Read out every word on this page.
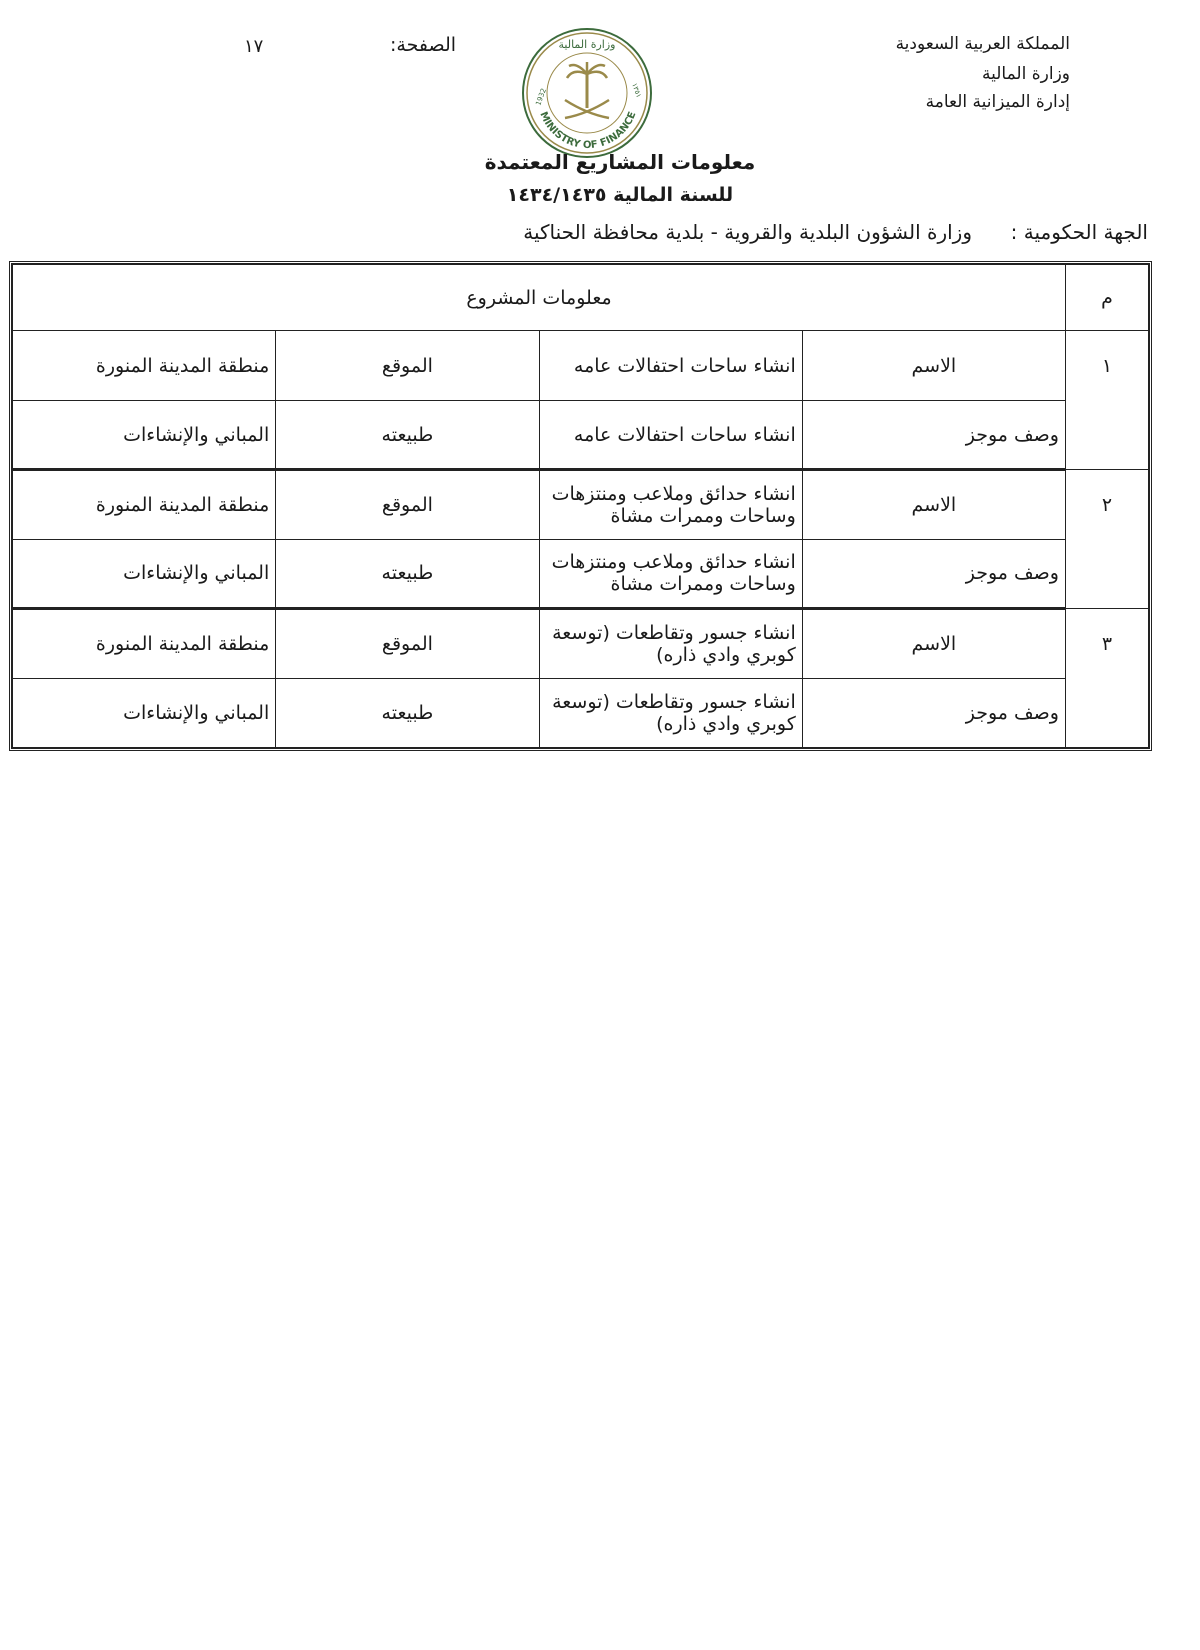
المملكة العربية السعودية
وزارة المالية
إدارة الميزانية العامة
الصفحة:
١٧
MINISTRY OF FINANCE
وزارة المالية
1932	١٣٥١
معلومات المشاريع المعتمدة
للسنة المالية ١٤٣٤/١٤٣٥
الجهة الحكومية :
وزارة الشؤون البلدية والقروية - بلدية محافظة الحناكية
م	معلومات المشروع			
١	الاسم	انشاء ساحات احتفالات عامه	الموقع	منطقة المدينة المنورة
	وصف موجز	انشاء ساحات احتفالات عامه	طبيعته	المباني والإنشاءات
٢	الاسم	انشاء حدائق وملاعب ومنتزهات وساحات وممرات مشاة	الموقع	منطقة المدينة المنورة
	وصف موجز	انشاء حدائق وملاعب ومنتزهات وساحات وممرات مشاة	طبيعته	المباني والإنشاءات
٣	الاسم	انشاء جسور وتقاطعات (توسعة كوبري وادي ذاره)	الموقع	منطقة المدينة المنورة
	وصف موجز	انشاء جسور وتقاطعات (توسعة كوبري وادي ذاره)	طبيعته	المباني والإنشاءات
